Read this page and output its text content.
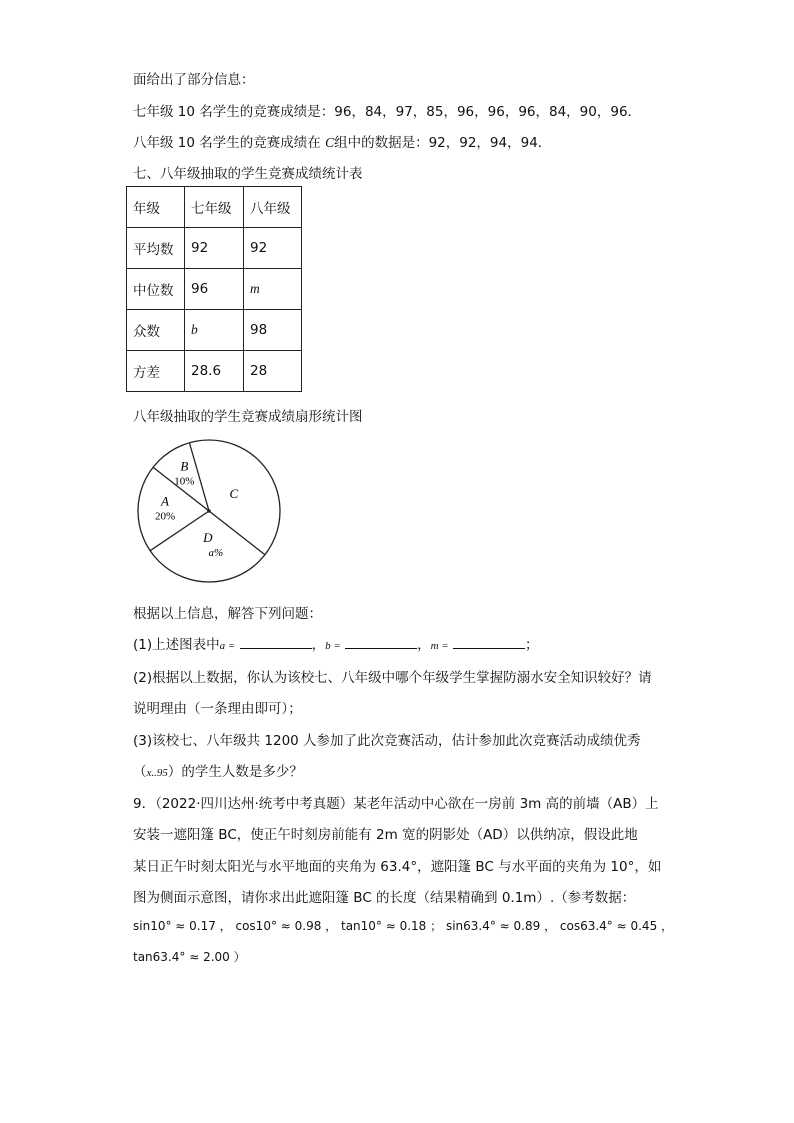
面给出了部分信息：
七年级 10 名学生的竞赛成绩是：96，84，97，85，96，96，96，84，90，96．
八年级 10 名学生的竞赛成绩在 C组中的数据是：92，92，94，94．
七、八年级抽取的学生竞赛成绩统计表
年级	七年级	八年级
平均数	92	92
中位数	96	m
众数	b	98
方差	28.6	28
八年级抽取的学生竞赛成绩扇形统计图
A
20%
B
10%
C
D
a%
根据以上信息，解答下列问题：
(1)上述图表中a =	，b =	，m =	；
(2)根据以上数据，你认为该校七、八年级中哪个年级学生掌握防溺水安全知识较好？请
说明理由（一条理由即可）；
(3)该校七、八年级共 1200 人参加了此次竞赛活动，估计参加此次竞赛活动成绩优秀
（x..95）的学生人数是多少？
9．（2022·四川达州·统考中考真题）某老年活动中心欲在一房前 3m 高的前墙（AB）上
安装一遮阳篷 BC，使正午时刻房前能有 2m 宽的阴影处（AD）以供纳凉，假设此地
某日正午时刻太阳光与水平地面的夹角为 63.4°，遮阳篷 BC 与水平面的夹角为 10°，如
图为侧面示意图，请你求出此遮阳篷 BC 的长度（结果精确到 0.1m）.（参考数据：
sin10° ≈ 0.17 ， cos10° ≈ 0.98 ， tan10° ≈ 0.18 ； sin63.4° ≈ 0.89 ， cos63.4° ≈ 0.45 ，
tan63.4° ≈ 2.00 ）
